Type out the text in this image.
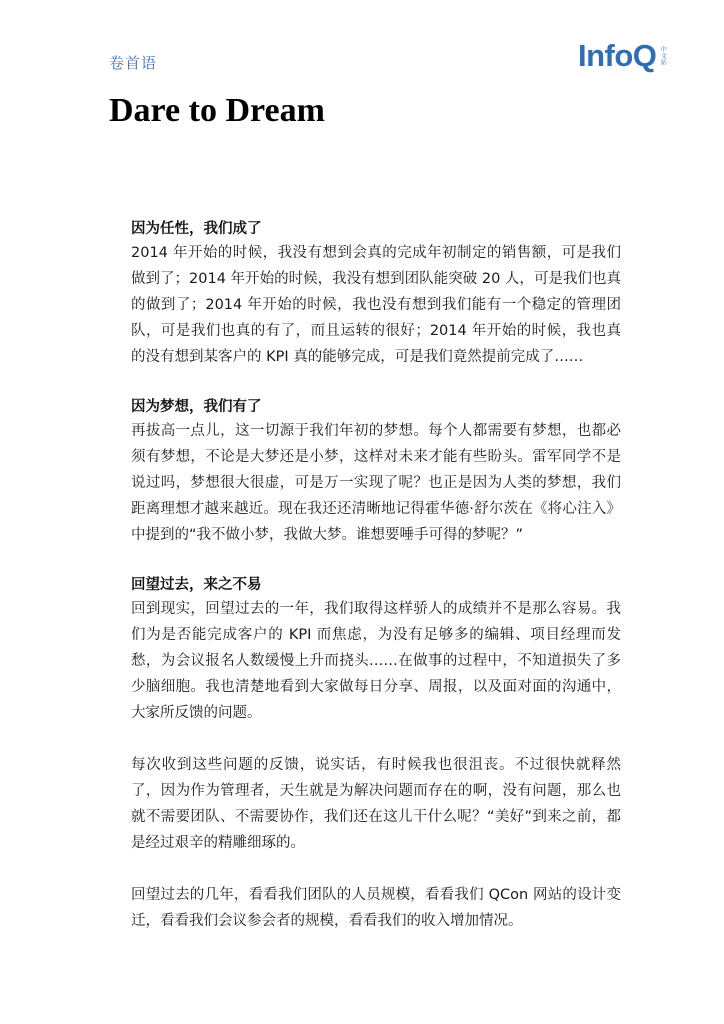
卷首语	InfoQ 中文站
Dare to Dream

因为任性，我们成了

2014 年开始的时候，我没有想到会真的完成年初制定的销售额，可是我们做到了；2014 年开始的时候，我没有想到团队能突破 20 人，可是我们也真的做到了；2014 年开始的时候，我也没有想到我们能有一个稳定的管理团队，可是我们也真的有了，而且运转的很好；2014 年开始的时候，我也真的没有想到某客户的 KPI 真的能够完成，可是我们竟然提前完成了……

因为梦想，我们有了

再拔高一点儿，这一切源于我们年初的梦想。每个人都需要有梦想，也都必须有梦想，不论是大梦还是小梦，这样对未来才能有些盼头。雷军同学不是说过吗，梦想很大很虚，可是万一实现了呢？也正是因为人类的梦想，我们距离理想才越来越近。现在我还还清晰地记得霍华德·舒尔茨在《将心注入》中提到的“我不做小梦，我做大梦。谁想要唾手可得的梦呢？”

回望过去，来之不易

回到现实，回望过去的一年，我们取得这样骄人的成绩并不是那么容易。我们为是否能完成客户的 KPI 而焦虑，为没有足够多的编辑、项目经理而发愁，为会议报名人数缓慢上升而挠头……在做事的过程中，不知道损失了多少脑细胞。我也清楚地看到大家做每日分享、周报，以及面对面的沟通中，大家所反馈的问题。

每次收到这些问题的反馈，说实话，有时候我也很沮丧。不过很快就释然了，因为作为管理者，天生就是为解决问题而存在的啊，没有问题，那么也就不需要团队、不需要协作，我们还在这儿干什么呢？“美好”到来之前，都是经过艰辛的精雕细琢的。

回望过去的几年，看看我们团队的人员规模，看看我们 QCon 网站的设计变迁，看看我们会议参会者的规模，看看我们的收入增加情况。
